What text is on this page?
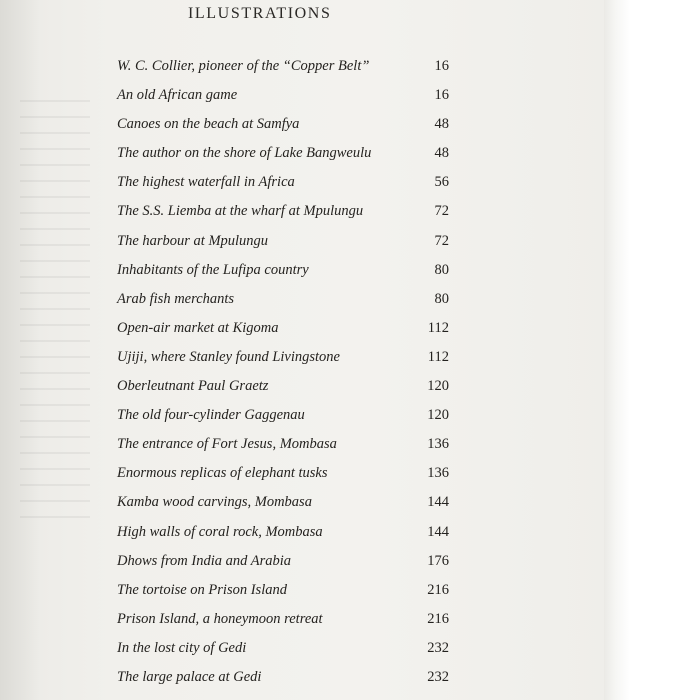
ILLUSTRATIONS
W. C. Collier, pioneer of the “Copper Belt”	16
An old African game	16
Canoes on the beach at Samfya	48
The author on the shore of Lake Bangweulu	48
The highest waterfall in Africa	56
The S.S. Liemba at the wharf at Mpulungu	72
The harbour at Mpulungu	72
Inhabitants of the Lufipa country	80
Arab fish merchants	80
Open-air market at Kigoma	112
Ujiji, where Stanley found Livingstone	112
Oberleutnant Paul Graetz	120
The old four-cylinder Gaggenau	120
The entrance of Fort Jesus, Mombasa	136
Enormous replicas of elephant tusks	136
Kamba wood carvings, Mombasa	144
High walls of coral rock, Mombasa	144
Dhows from India and Arabia	176
The tortoise on Prison Island	216
Prison Island, a honeymoon retreat	216
In the lost city of Gedi	232
The large palace at Gedi	232
